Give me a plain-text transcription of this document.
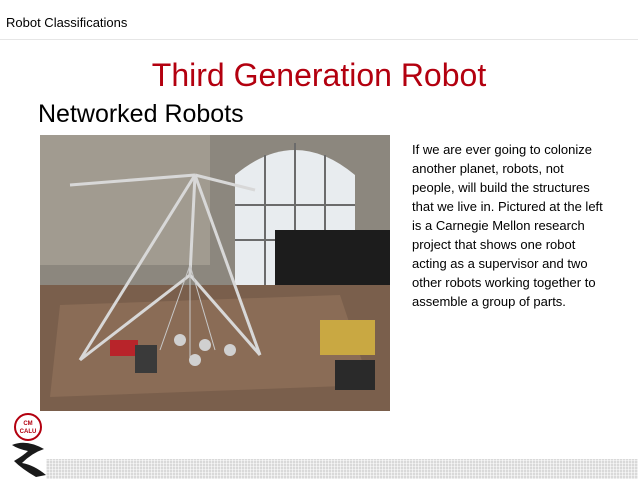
Robot Classifications
Third Generation Robot
Networked Robots
If we are ever going to colonize another planet, robots, not people, will build the structures that we live in. Pictured at the left is a Carnegie Mellon research project that shows one robot acting as a supervisor and two other robots working together to assemble a group of parts.
CM
CALU
